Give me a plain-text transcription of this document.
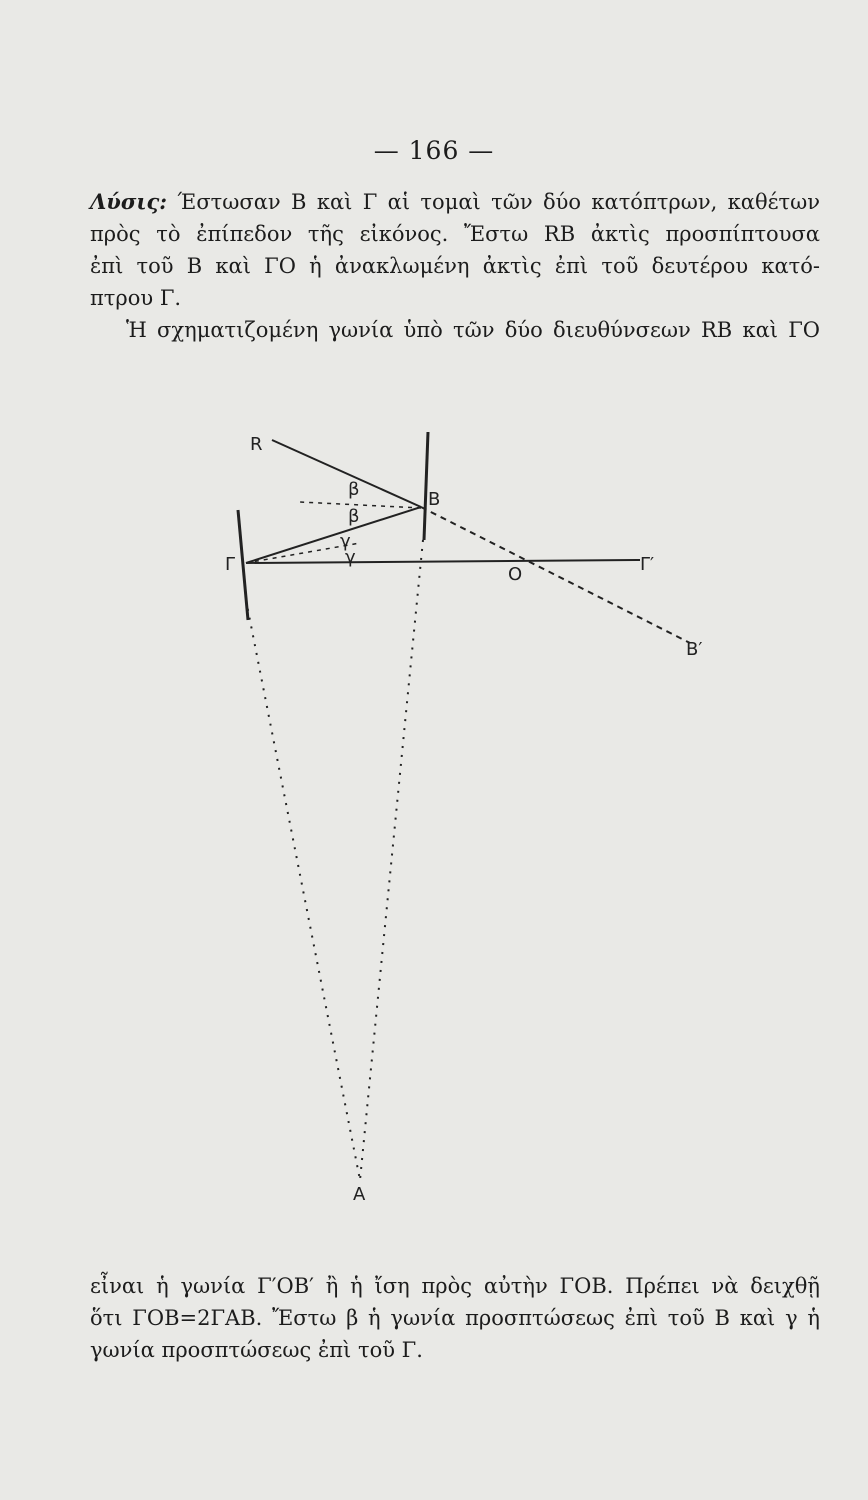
— 166 —
Λύσις: Έστωσαν Β καὶ Γ αἱ τομαὶ τῶν δύο κατόπτρων, καθέτων
πρὸς τὸ ἐπίπεδον τῆς εἰκόνος. Ἔστω RB ἀκτὶς προσπίπτουσα
ἐπὶ τοῦ Β καὶ ΓΟ ἡ ἀνακλωμένη ἀκτὶς ἐπὶ τοῦ δευτέρου κατό-
πτρου Γ.
Ἡ σχηματιζομένη γωνία ὑπὸ τῶν δύο διευθύνσεων RB καὶ ΓΟ
R
B
Γ	O	Γ′
B′
A
β
β
γ
γ
εἶναι ἡ γωνία Γ′ΟΒ′ ἢ ἡ ἴση πρὸς αὐτὴν ΓΟΒ. Πρέπει νὰ δειχθῇ
ὅτι ΓΟΒ=2ΓΑΒ. Ἔστω β ἡ γωνία προσπτώσεως ἐπὶ τοῦ Β καὶ γ ἡ
γωνία προσπτώσεως ἐπὶ τοῦ Γ.
